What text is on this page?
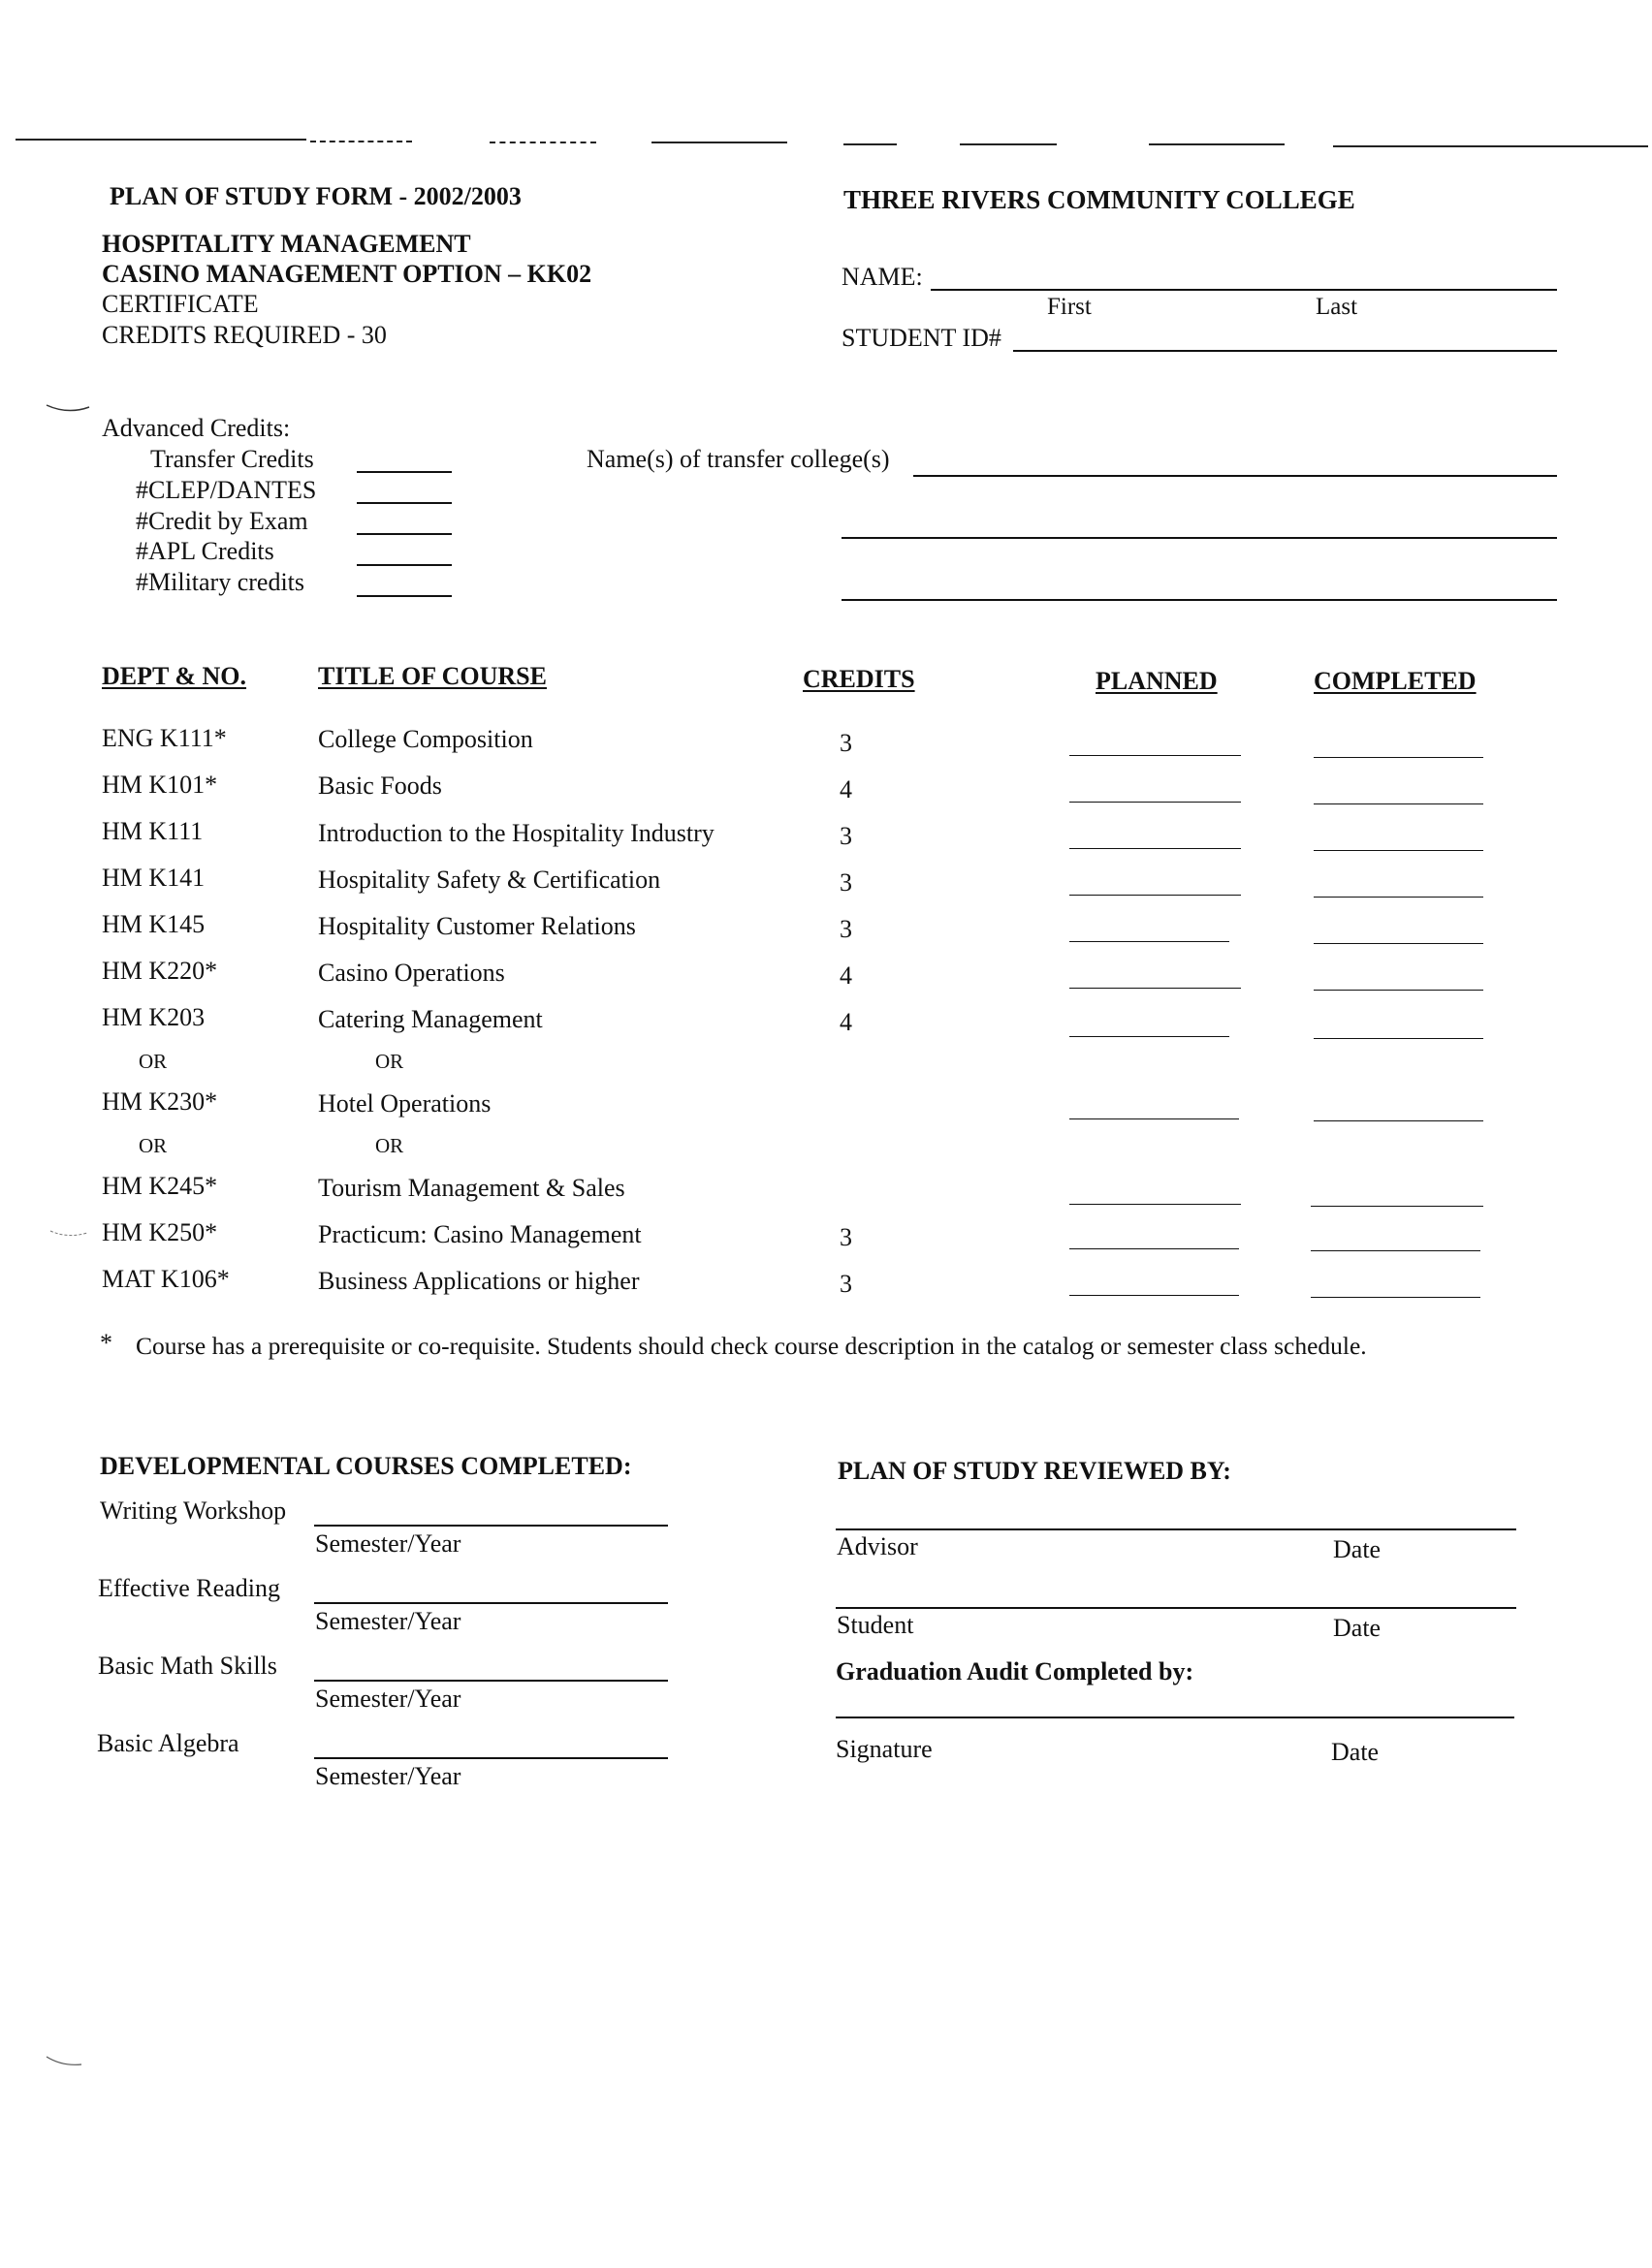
PLAN OF STUDY FORM - 2002/2003	THREE RIVERS COMMUNITY COLLEGE
HOSPITALITY MANAGEMENT
CASINO MANAGEMENT OPTION – KK02
CERTIFICATE
CREDITS REQUIRED - 30
NAME:
First	Last
STUDENT ID#
Advanced Credits:
Transfer Credits
#CLEP/DANTES
#Credit by Exam
#APL Credits
#Military credits
Name(s) of transfer college(s)
DEPT & NO.	TITLE OF COURSE	CREDITS	PLANNED	COMPLETED
ENG K111*	College Composition	3
HM K101*	Basic Foods	4
HM K111	Introduction to the Hospitality Industry	3
HM K141	Hospitality Safety & Certification	3
HM K145	Hospitality Customer Relations	3
HM K220*	Casino Operations	4
HM K203	Catering Management	4
OR	OR
HM K230*	Hotel Operations
OR	OR
HM K245*	Tourism Management & Sales
HM K250*	Practicum: Casino Management	3
MAT K106*	Business Applications or higher	3
* Course has a prerequisite or co-requisite. Students should check course description in the catalog or semester class schedule.
DEVELOPMENTAL COURSES COMPLETED:
Writing Workshop
Semester/Year
Effective Reading
Semester/Year
Basic Math Skills
Semester/Year
Basic Algebra
Semester/Year
PLAN OF STUDY REVIEWED BY:
Advisor	Date
Student	Date
Graduation Audit Completed by:
Signature	Date
